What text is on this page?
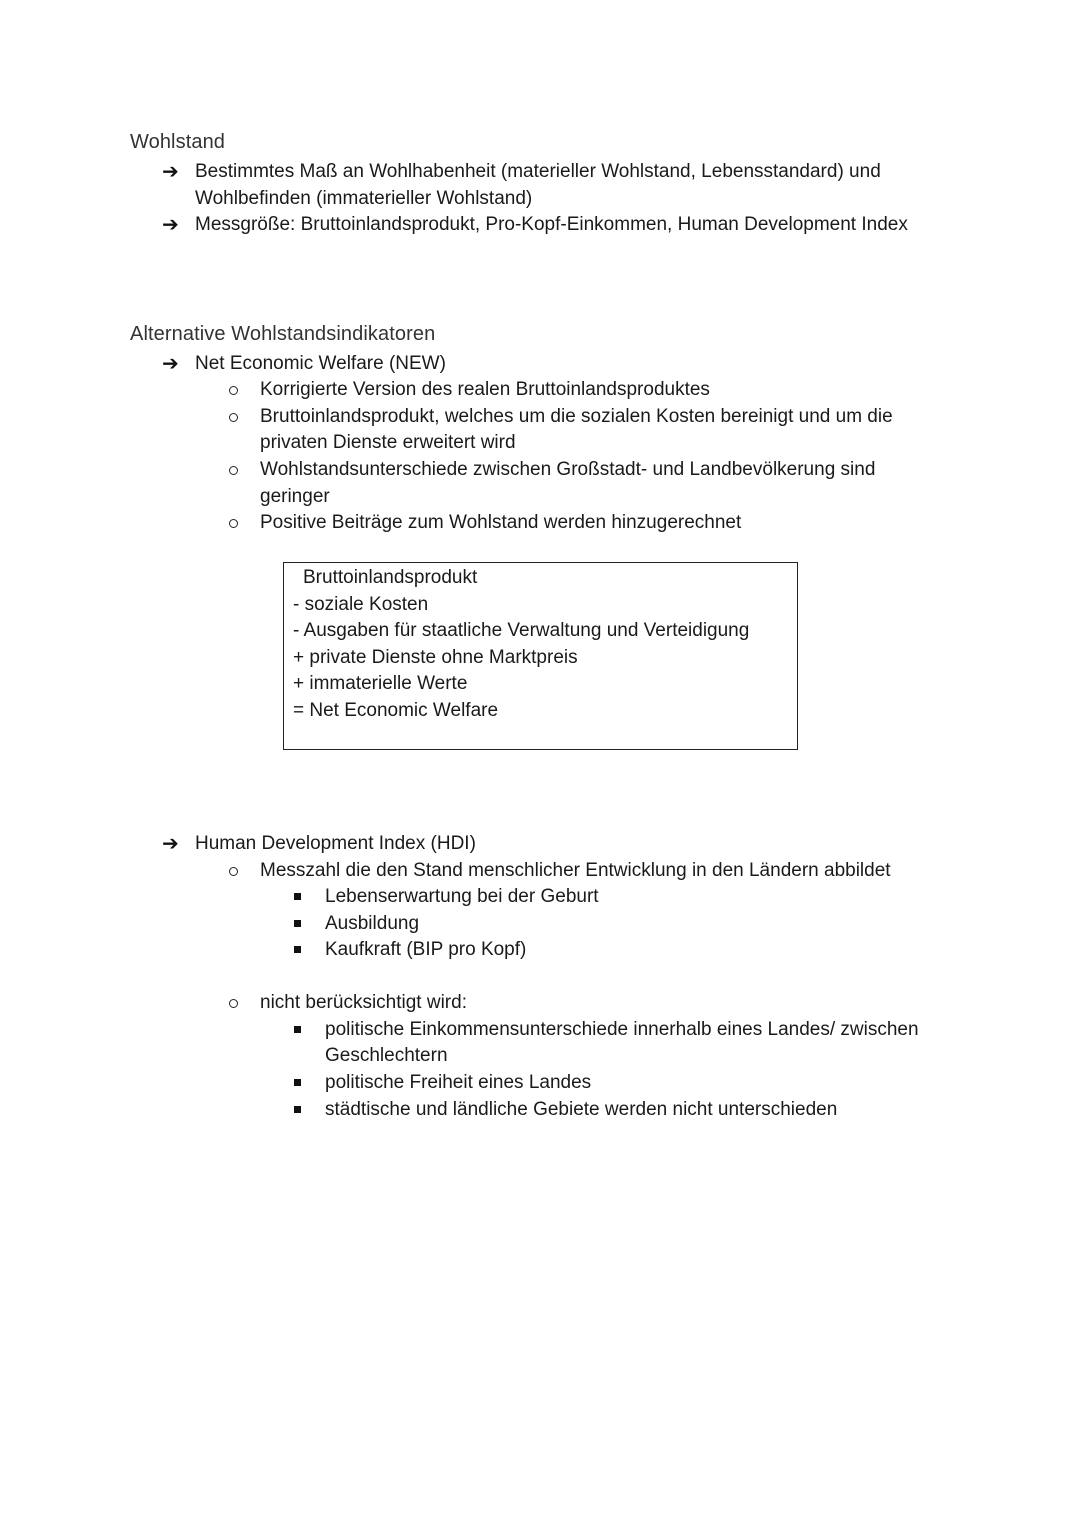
Wohlstand
➔ Bestimmtes Maß an Wohlhabenheit (materieller Wohlstand, Lebensstandard) und
Wohlbefinden (immaterieller Wohlstand)
➔ Messgröße: Bruttoinlandsprodukt, Pro-Kopf-Einkommen, Human Development Index
Alternative Wohlstandsindikatoren
➔ Net Economic Welfare (NEW)
Korrigierte Version des realen Bruttoinlandsproduktes
Bruttoinlandsprodukt, welches um die sozialen Kosten bereinigt und um die
privaten Dienste erweitert wird
Wohlstandsunterschiede zwischen Großstadt- und Landbevölkerung sind
geringer
Positive Beiträge zum Wohlstand werden hinzugerechnet
Bruttoinlandsprodukt
- soziale Kosten
- Ausgaben für staatliche Verwaltung und Verteidigung
+ private Dienste ohne Marktpreis
+ immaterielle Werte
= Net Economic Welfare
➔ Human Development Index (HDI)
Messzahl die den Stand menschlicher Entwicklung in den Ländern abbildet
Lebenserwartung bei der Geburt
Ausbildung
Kaufkraft (BIP pro Kopf)
nicht berücksichtigt wird:
politische Einkommensunterschiede innerhalb eines Landes/ zwischen
Geschlechtern
politische Freiheit eines Landes
städtische und ländliche Gebiete werden nicht unterschieden
